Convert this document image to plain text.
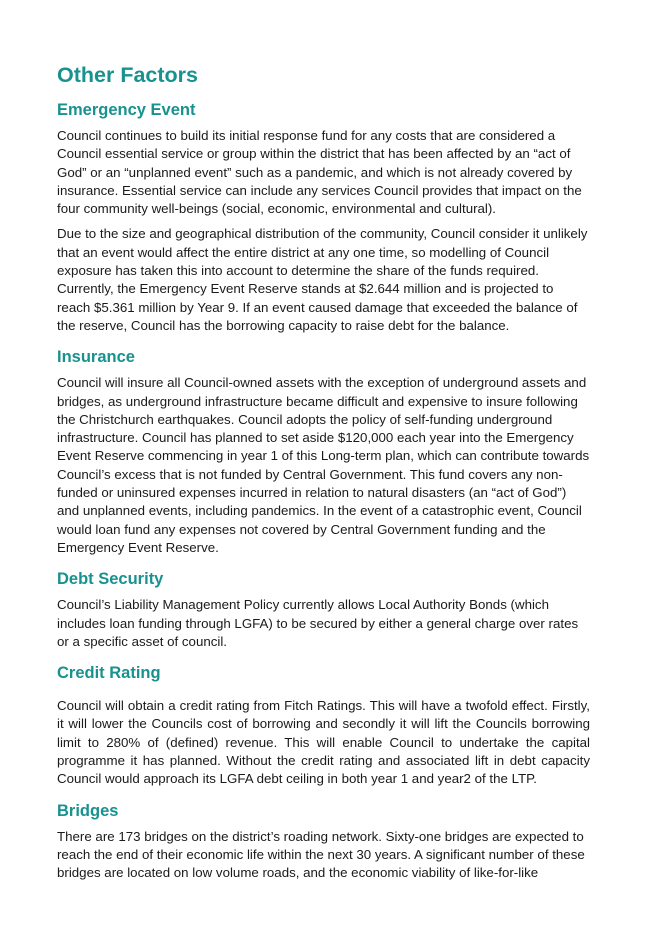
Other Factors
Emergency Event

Council continues to build its initial response fund for any costs that are considered a Council essential service or group within the district that has been affected by an “act of God” or an “unplanned event” such as a pandemic, and which is not already covered by insurance. Essential service can include any services Council provides that impact on the four community well-beings (social, economic, environmental and cultural).

Due to the size and geographical distribution of the community, Council consider it unlikely that an event would affect the entire district at any one time, so modelling of Council exposure has taken this into account to determine the share of the funds required. Currently, the Emergency Event Reserve stands at $2.644 million and is projected to reach $5.361 million by Year 9. If an event caused damage that exceeded the balance of the reserve, Council has the borrowing capacity to raise debt for the balance.

Insurance

Council will insure all Council-owned assets with the exception of underground assets and bridges, as underground infrastructure became difficult and expensive to insure following the Christchurch earthquakes. Council adopts the policy of self-funding underground infrastructure. Council has planned to set aside $120,000 each year into the Emergency Event Reserve commencing in year 1 of this Long-term plan, which can contribute towards Council’s excess that is not funded by Central Government. This fund covers any non-funded or uninsured expenses incurred in relation to natural disasters (an “act of God”) and unplanned events, including pandemics. In the event of a catastrophic event, Council would loan fund any expenses not covered by Central Government funding and the Emergency Event Reserve.

Debt Security

Council’s Liability Management Policy currently allows Local Authority Bonds (which includes loan funding through LGFA) to be secured by either a general charge over rates or a specific asset of council.

Credit Rating

Council will obtain a credit rating from Fitch Ratings. This will have a twofold effect. Firstly, it will lower the Councils cost of borrowing and secondly it will lift the Councils borrowing limit to 280% of (defined) revenue. This will enable Council to undertake the capital programme it has planned. Without the credit rating and associated lift in debt capacity Council would approach its LGFA debt ceiling in both year 1 and year2 of the LTP.

Bridges

There are 173 bridges on the district’s roading network. Sixty-one bridges are expected to reach the end of their economic life within the next 30 years. A significant number of these bridges are located on low volume roads, and the economic viability of like-for-like
